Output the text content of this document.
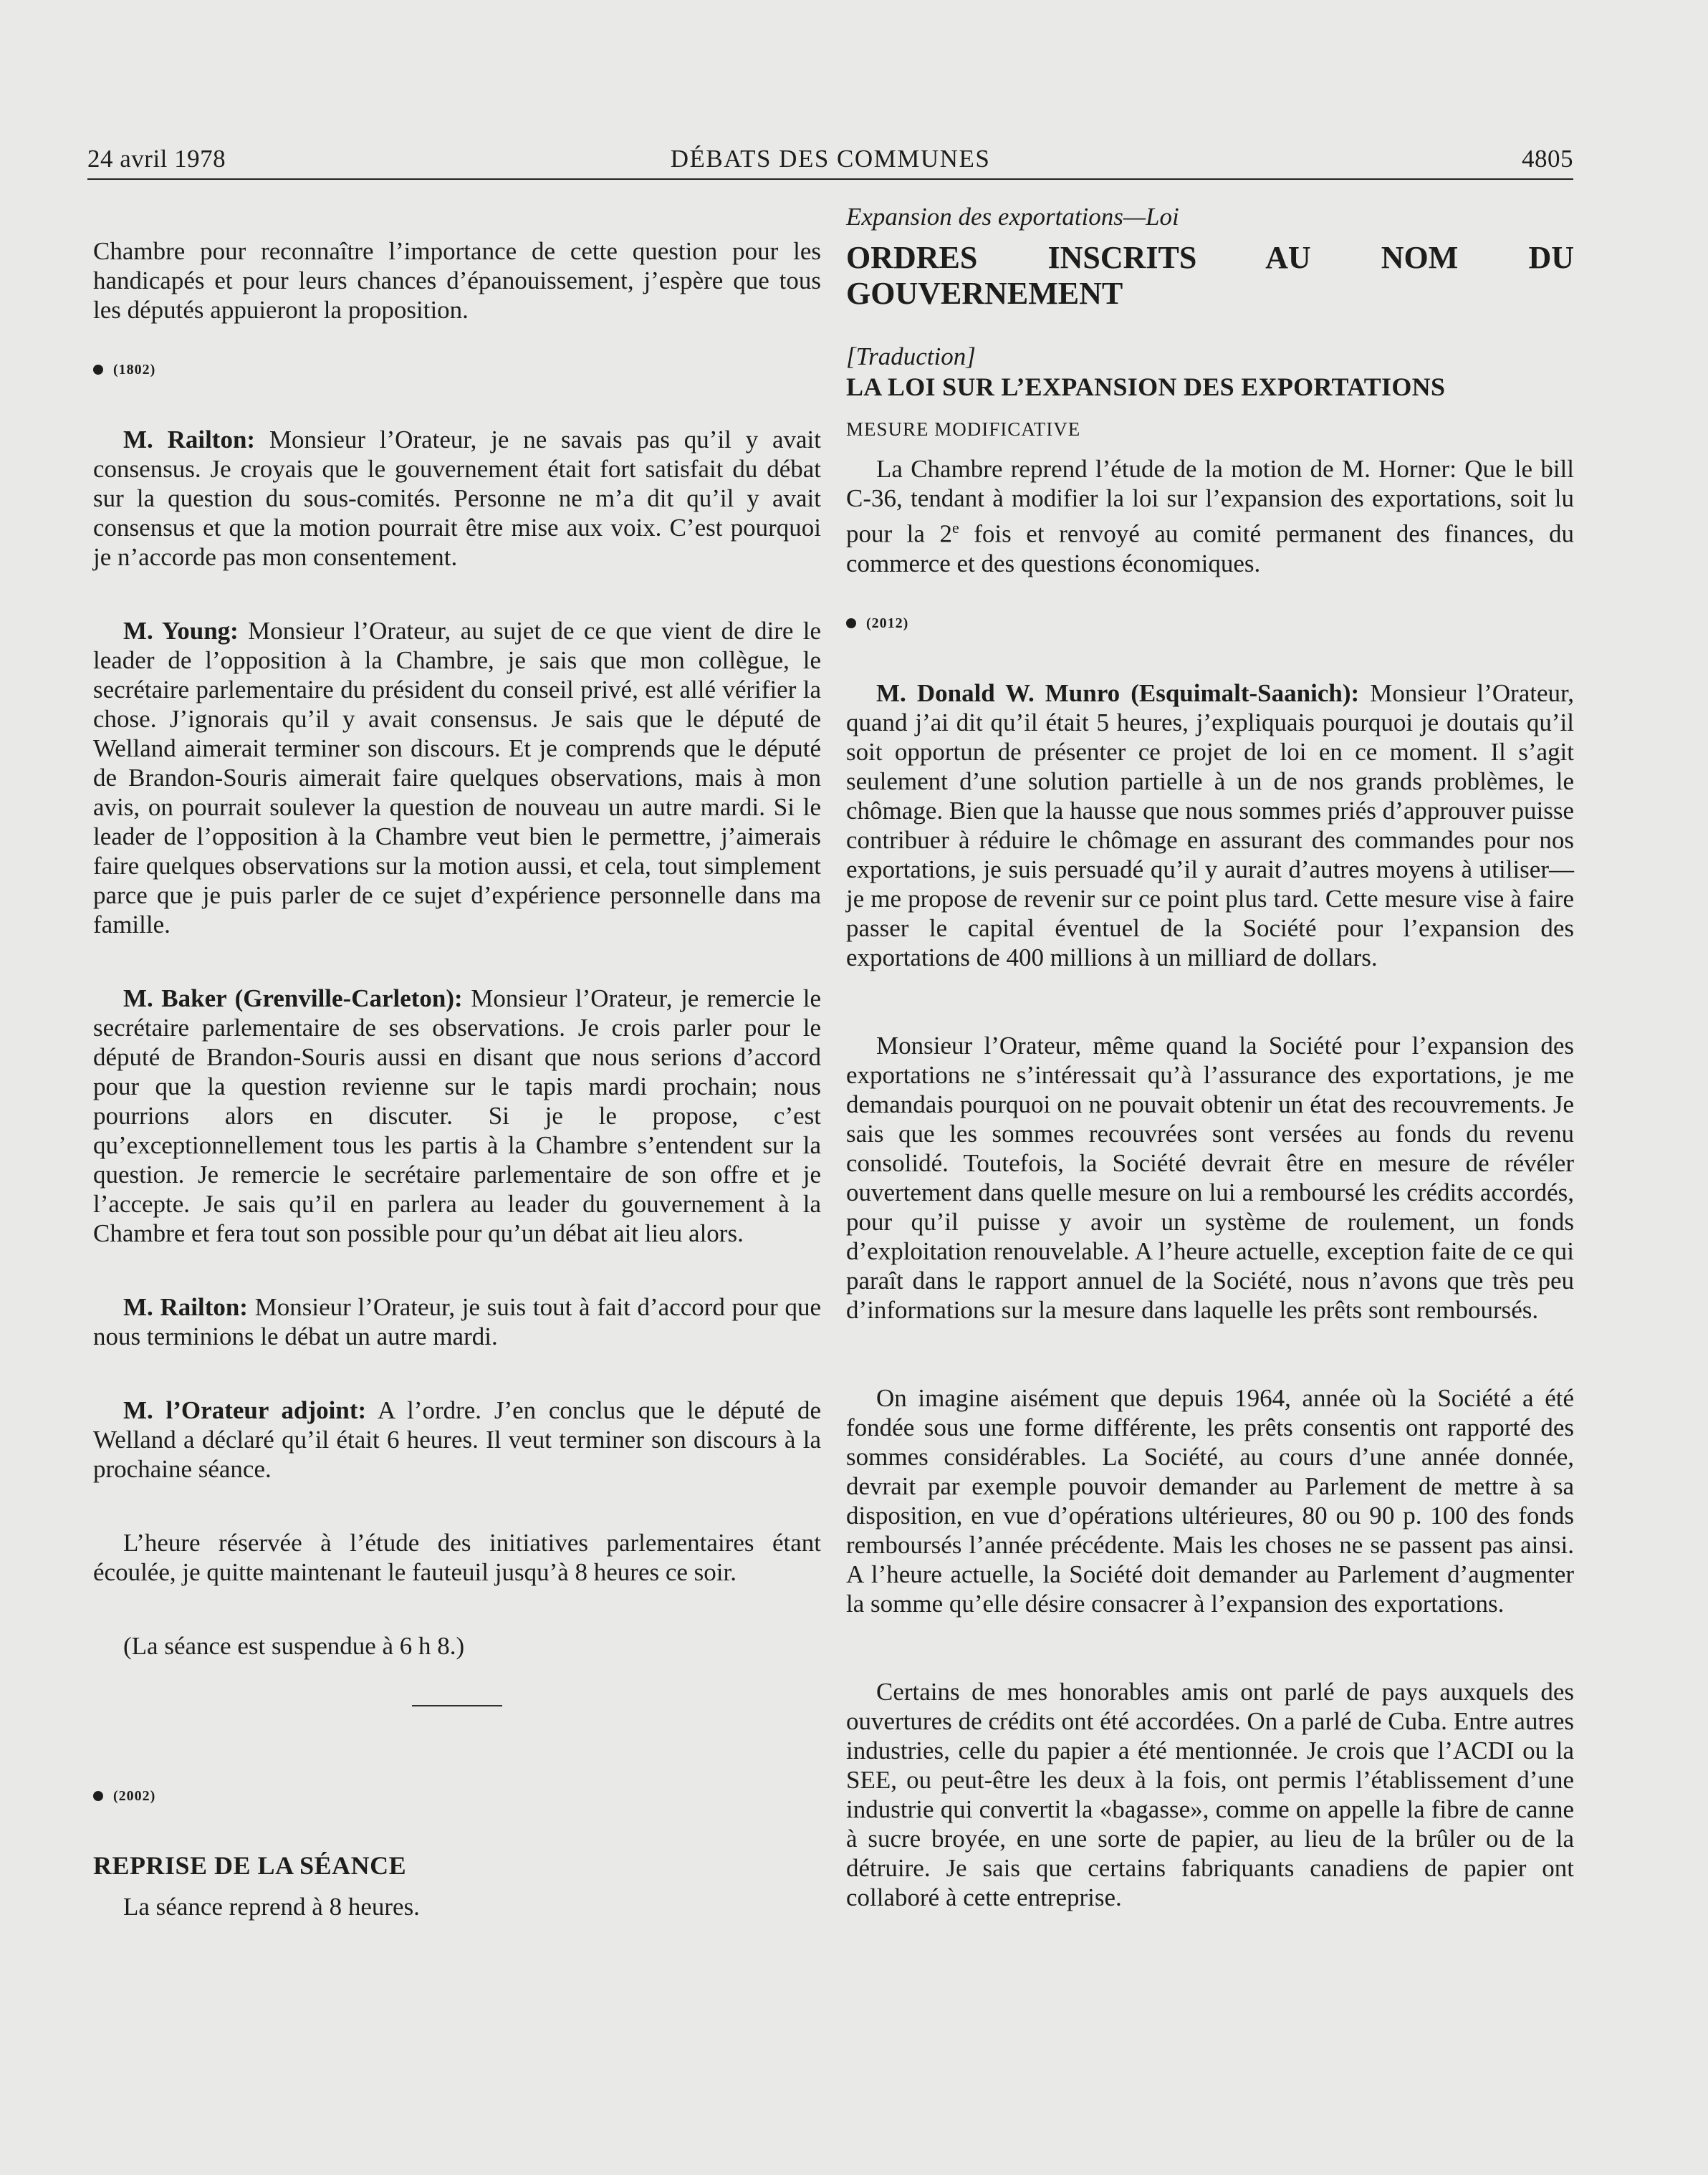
DÉBATS DES COMMUNES
24 avril 1978	4805

Chambre pour reconnaître l’importance de cette question pour les handicapés et pour leurs chances d’épanouissement, j’espère que tous les députés appuieront la proposition.

(1802)

M. Railton: Monsieur l’Orateur, je ne savais pas qu’il y avait consensus. Je croyais que le gouvernement était fort satisfait du débat sur la question du sous-comités. Personne ne m’a dit qu’il y avait consensus et que la motion pourrait être mise aux voix. C’est pourquoi je n’accorde pas mon consentement.

M. Young: Monsieur l’Orateur, au sujet de ce que vient de dire le leader de l’opposition à la Chambre, je sais que mon collègue, le secrétaire parlementaire du président du conseil privé, est allé vérifier la chose. J’ignorais qu’il y avait consensus. Je sais que le député de Welland aimerait terminer son discours. Et je comprends que le député de Brandon-Souris aimerait faire quelques observations, mais à mon avis, on pourrait soulever la question de nouveau un autre mardi. Si le leader de l’opposition à la Chambre veut bien le permettre, j’aimerais faire quelques observations sur la motion aussi, et cela, tout simplement parce que je puis parler de ce sujet d’expérience personnelle dans ma famille.

M. Baker (Grenville-Carleton): Monsieur l’Orateur, je remercie le secrétaire parlementaire de ses observations. Je crois parler pour le député de Brandon-Souris aussi en disant que nous serions d’accord pour que la question revienne sur le tapis mardi prochain; nous pourrions alors en discuter. Si je le propose, c’est qu’exceptionnellement tous les partis à la Chambre s’entendent sur la question. Je remercie le secrétaire parlementaire de son offre et je l’accepte. Je sais qu’il en parlera au leader du gouvernement à la Chambre et fera tout son possible pour qu’un débat ait lieu alors.

M. Railton: Monsieur l’Orateur, je suis tout à fait d’accord pour que nous terminions le débat un autre mardi.

M. l’Orateur adjoint: A l’ordre. J’en conclus que le député de Welland a déclaré qu’il était 6 heures. Il veut terminer son discours à la prochaine séance.

L’heure réservée à l’étude des initiatives parlementaires étant écoulée, je quitte maintenant le fauteuil jusqu’à 8 heures ce soir.

(La séance est suspendue à 6 h 8.)

(2002)

REPRISE DE LA SÉANCE

La séance reprend à 8 heures.

Expansion des exportations—Loi

ORDRES INSCRITS AU NOM DU GOUVERNEMENT

[Traduction]

LA LOI SUR L’EXPANSION DES EXPORTATIONS

MESURE MODIFICATIVE

La Chambre reprend l’étude de la motion de M. Horner: Que le bill C-36, tendant à modifier la loi sur l’expansion des exportations, soit lu pour la 2e fois et renvoyé au comité permanent des finances, du commerce et des questions économiques.

(2012)

M. Donald W. Munro (Esquimalt-Saanich): Monsieur l’Orateur, quand j’ai dit qu’il était 5 heures, j’expliquais pourquoi je doutais qu’il soit opportun de présenter ce projet de loi en ce moment. Il s’agit seulement d’une solution partielle à un de nos grands problèmes, le chômage. Bien que la hausse que nous sommes priés d’approuver puisse contribuer à réduire le chômage en assurant des commandes pour nos exportations, je suis persuadé qu’il y aurait d’autres moyens à utiliser—je me propose de revenir sur ce point plus tard. Cette mesure vise à faire passer le capital éventuel de la Société pour l’expansion des exportations de 400 millions à un milliard de dollars.

Monsieur l’Orateur, même quand la Société pour l’expansion des exportations ne s’intéressait qu’à l’assurance des exportations, je me demandais pourquoi on ne pouvait obtenir un état des recouvrements. Je sais que les sommes recouvrées sont versées au fonds du revenu consolidé. Toutefois, la Société devrait être en mesure de révéler ouvertement dans quelle mesure on lui a remboursé les crédits accordés, pour qu’il puisse y avoir un système de roulement, un fonds d’exploitation renouvelable. A l’heure actuelle, exception faite de ce qui paraît dans le rapport annuel de la Société, nous n’avons que très peu d’informations sur la mesure dans laquelle les prêts sont remboursés.

On imagine aisément que depuis 1964, année où la Société a été fondée sous une forme différente, les prêts consentis ont rapporté des sommes considérables. La Société, au cours d’une année donnée, devrait par exemple pouvoir demander au Parlement de mettre à sa disposition, en vue d’opérations ultérieures, 80 ou 90 p. 100 des fonds remboursés l’année précédente. Mais les choses ne se passent pas ainsi. A l’heure actuelle, la Société doit demander au Parlement d’augmenter la somme qu’elle désire consacrer à l’expansion des exportations.

Certains de mes honorables amis ont parlé de pays auxquels des ouvertures de crédits ont été accordées. On a parlé de Cuba. Entre autres industries, celle du papier a été mentionnée. Je crois que l’ACDI ou la SEE, ou peut-être les deux à la fois, ont permis l’établissement d’une industrie qui convertit la «bagasse», comme on appelle la fibre de canne à sucre broyée, en une sorte de papier, au lieu de la brûler ou de la détruire. Je sais que certains fabriquants canadiens de papier ont collaboré à cette entreprise.
